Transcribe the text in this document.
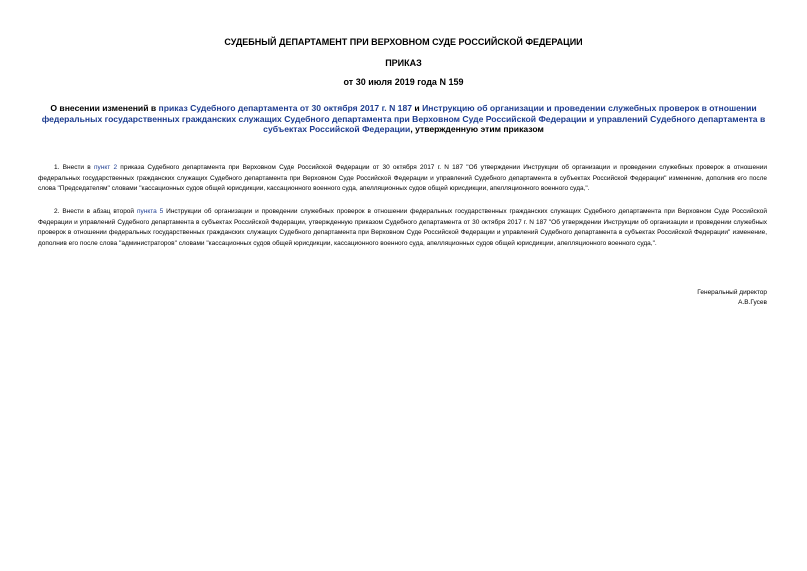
СУДЕБНЫЙ ДЕПАРТАМЕНТ ПРИ ВЕРХОВНОМ СУДЕ РОССИЙСКОЙ ФЕДЕРАЦИИ
ПРИКАЗ
от 30 июля 2019 года N 159
О внесении изменений в приказ Судебного департамента от 30 октября 2017 г. N 187 и Инструкцию об организации и проведении служебных проверок в отношении федеральных государственных гражданских служащих Судебного департамента при Верховном Суде Российской Федерации и управлений Судебного департамента в субъектах Российской Федерации, утвержденную этим приказом
1. Внести в пункт 2 приказа Судебного департамента при Верховном Суде Российской Федерации от 30 октября 2017 г. N 187 "Об утверждении Инструкции об организации и проведении служебных проверок в отношении федеральных государственных гражданских служащих Судебного департамента при Верховном Суде Российской Федерации и управлений Судебного департамента в субъектах Российской Федерации" изменение, дополнив его после слова "Председателям" словами "кассационных судов общей юрисдикции, кассационного военного суда, апелляционных судов общей юрисдикции, апелляционного военного суда,".
2. Внести в абзац второй пункта 5 Инструкции об организации и проведении служебных проверок в отношении федеральных государственных гражданских служащих Судебного департамента при Верховном Суде Российской Федерации и управлений Судебного департамента в субъектах Российской Федерации, утвержденную приказом Судебного департамента от 30 октября 2017 г. N 187 "Об утверждении Инструкции об организации и проведении служебных проверок в отношении федеральных государственных гражданских служащих Судебного департамента при Верховном Суде Российской Федерации и управлений Судебного департамента в субъектах Российской Федерации" изменение, дополнив его после слова "администраторов" словами "кассационных судов общей юрисдикции, кассационного военного суда, апелляционных судов общей юрисдикции, апелляционного военного суда,".
Генеральный директор
А.В.Гусев
